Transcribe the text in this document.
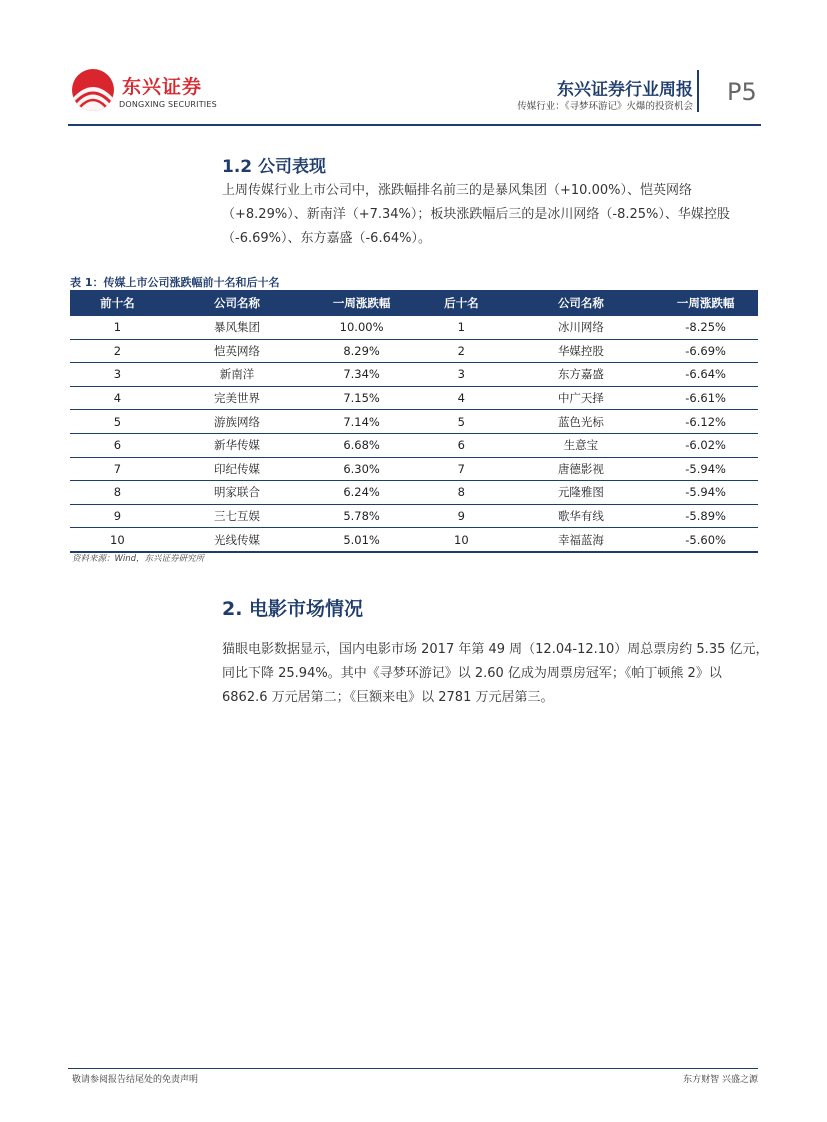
东兴证券
DONGXING SECURITIES
东兴证券行业周报
传媒行业：《寻梦环游记》火爆的投资机会
P5
1.2 公司表现
上周传媒行业上市公司中，涨跌幅排名前三的是暴风集团（+10.00%）、恺英网络（+8.29%）、新南洋（+7.34%）；板块涨跌幅后三的是冰川网络（-8.25%）、华媒控股（-6.69%）、东方嘉盛（-6.64%）。
表 1：传媒上市公司涨跌幅前十名和后十名
前十名	公司名称	一周涨跌幅	后十名	公司名称	一周涨跌幅
1	暴风集团	10.00%	1	冰川网络	-8.25%
2	恺英网络	8.29%	2	华媒控股	-6.69%
3	新南洋	7.34%	3	东方嘉盛	-6.64%
4	完美世界	7.15%	4	中广天择	-6.61%
5	游族网络	7.14%	5	蓝色光标	-6.12%
6	新华传媒	6.68%	6	生意宝	-6.02%
7	印纪传媒	6.30%	7	唐德影视	-5.94%
8	明家联合	6.24%	8	元隆雅图	-5.94%
9	三七互娱	5.78%	9	歌华有线	-5.89%
10	光线传媒	5.01%	10	幸福蓝海	-5.60%
资料来源：Wind，东兴证券研究所
2. 电影市场情况
猫眼电影数据显示，国内电影市场 2017 年第 49 周（12.04-12.10）周总票房约 5.35 亿元，同比下降 25.94%。其中《寻梦环游记》以 2.60 亿成为周票房冠军；《帕丁顿熊 2》以 6862.6 万元居第二；《巨额来电》以 2781 万元居第三。
敬请参阅报告结尾处的免责声明	东方财智 兴盛之源
